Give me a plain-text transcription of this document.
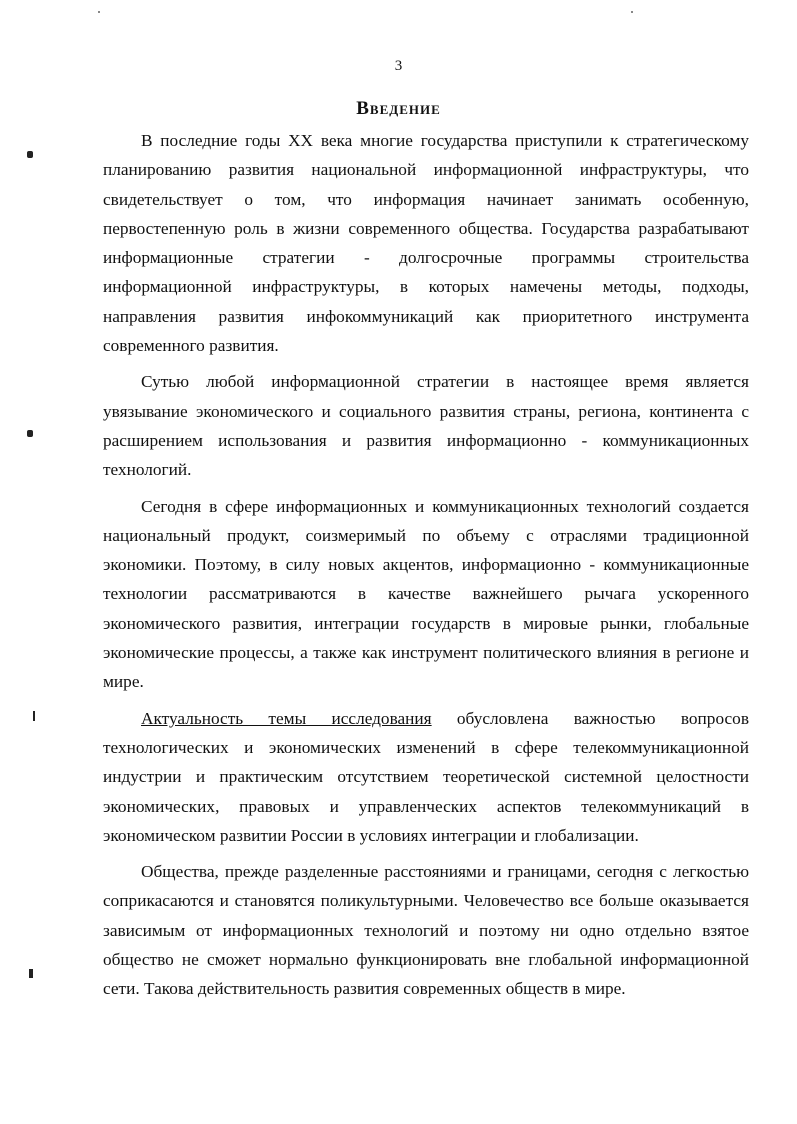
3
Введение

В последние годы XX века многие государства приступили к стратегическому планированию развития национальной информационной инфраструктуры, что свидетельствует о том, что информация начинает занимать особенную, первостепенную роль в жизни современного общества. Государства разрабатывают информационные стратегии - долгосрочные программы строительства информационной инфраструктуры, в которых намечены методы, подходы, направления развития инфокоммуникаций как приоритетного инструмента современного развития.

Сутью любой информационной стратегии в настоящее время является увязывание экономического и социального развития страны, региона, континента с расширением использования и развития информационно - коммуникационных технологий.

Сегодня в сфере информационных и коммуникационных технологий создается национальный продукт, соизмеримый по объему с отраслями традиционной экономики. Поэтому, в силу новых акцентов, информационно - коммуникационные технологии рассматриваются в качестве важнейшего рычага ускоренного экономического развития, интеграции государств в мировые рынки, глобальные экономические процессы, а также как инструмент политического влияния в регионе и мире.

Актуальность темы исследования обусловлена важностью вопросов технологических и экономических изменений в сфере телекоммуникационной индустрии и практическим отсутствием теоретической системной целостности экономических, правовых и управленческих аспектов телекоммуникаций в экономическом развитии России в условиях интеграции и глобализации.

Общества, прежде разделенные расстояниями и границами, сегодня с легкостью соприкасаются и становятся поликультурными. Человечество все больше оказывается зависимым от информационных технологий и поэтому ни одно отдельно взятое общество не сможет нормально функционировать вне глобальной информационной сети. Такова действительность развития современных обществ в мире.
